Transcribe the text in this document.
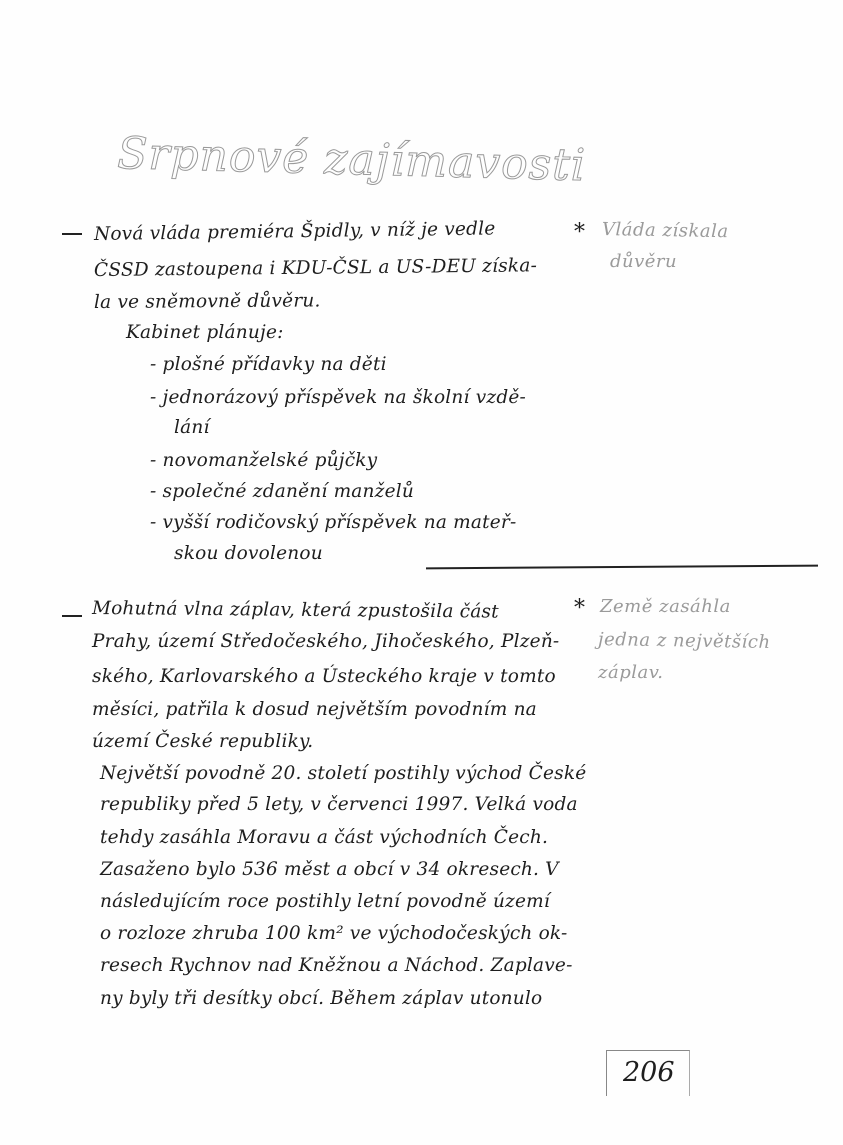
Srpnové zajímavosti
Nová vláda premiéra Špidly, v níž je vedle
ČSSD zastoupena i KDU-ČSL a US-DEU získa-
la ve sněmovně důvěru.
Kabinet plánuje:
- plošné přídavky na děti
- jednorázový příspěvek na školní vzdě-
lání
- novomanželské půjčky
- společné zdanění manželů
- vyšší rodičovský příspěvek na mateř-
skou dovolenou
* Vláda získala
důvěru
Mohutná vlna záplav, která zpustošila část
Prahy, území Středočeského, Jihočeského, Plzeň-
ského, Karlovarského a Ústeckého kraje v tomto
měsíci, patřila k dosud největším povodním na
území České republiky.
Největší povodně 20. století postihly východ České
republiky před 5 lety, v červenci 1997. Velká voda
tehdy zasáhla Moravu a část východních Čech.
Zasaženo bylo 536 měst a obcí v 34 okresech. V
následujícím roce postihly letní povodně území
o rozloze zhruba 100 km² ve východočeských ok-
resech Rychnov nad Kněžnou a Náchod. Zaplave-
ny byly tři desítky obcí. Během záplav utonulo
* Země zasáhla
jedna z největších
záplav.
206
